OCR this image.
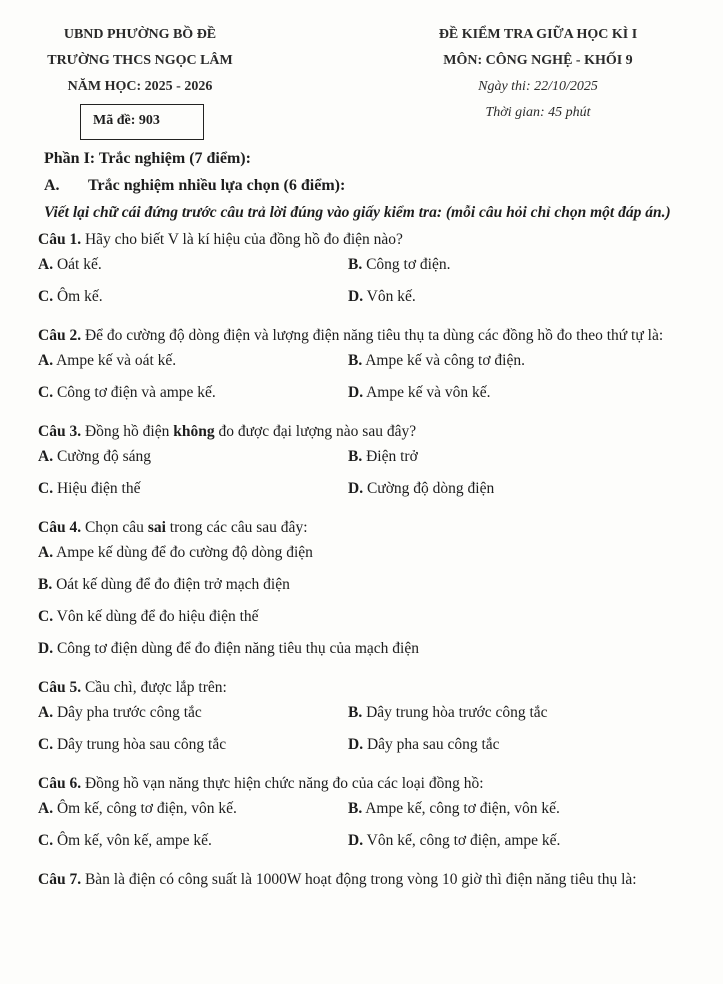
UBND PHƯỜNG BỒ ĐỀ
TRƯỜNG THCS NGỌC LÂM
NĂM HỌC: 2025 - 2026
ĐỀ KIỂM TRA GIỮA HỌC KÌ I
MÔN: CÔNG NGHỆ - KHỐI 9
Ngày thi: 22/10/2025
Thời gian: 45 phút
Mã đề: 903
Phần I: Trắc nghiệm (7 điểm):
A.	Trắc nghiệm nhiều lựa chọn (6 điểm):
Viết lại chữ cái đứng trước câu trả lời đúng vào giấy kiểm tra: (mỗi câu hỏi chỉ chọn một đáp án.)
Câu 1. Hãy cho biết V là kí hiệu của đồng hồ đo điện nào?
A. Oát kế.	B. Công tơ điện.
C. Ôm kế.	D. Vôn kế.
Câu 2. Để đo cường độ dòng điện và lượng điện năng tiêu thụ ta dùng các đồng hồ đo theo thứ tự là:
A. Ampe kế và oát kế.	B. Ampe kế và công tơ điện.
C. Công tơ điện và ampe kế.	D. Ampe kế và vôn kế.
Câu 3. Đồng hồ điện không đo được đại lượng nào sau đây?
A. Cường độ sáng	B. Điện trở
C. Hiệu điện thế	D. Cường độ dòng điện
Câu 4. Chọn câu sai trong các câu sau đây:
A. Ampe kế dùng để đo cường độ dòng điện
B. Oát kế dùng để đo điện trở mạch điện
C. Vôn kế dùng để đo hiệu điện thế
D. Công tơ điện dùng để đo điện năng tiêu thụ của mạch điện
Câu 5. Cầu chì, được lắp trên:
A. Dây pha trước công tắc	B. Dây trung hòa trước công tắc
C. Dây trung hòa sau công tắc	D. Dây pha sau công tắc
Câu 6. Đồng hồ vạn năng thực hiện chức năng đo của các loại đồng hồ:
A. Ôm kế, công tơ điện, vôn kế.	B. Ampe kế, công tơ điện, vôn kế.
C. Ôm kế, vôn kế, ampe kế.	D. Vôn kế, công tơ điện, ampe kế.
Câu 7. Bàn là điện có công suất là 1000W hoạt động trong vòng 10 giờ thì điện năng tiêu thụ là:
